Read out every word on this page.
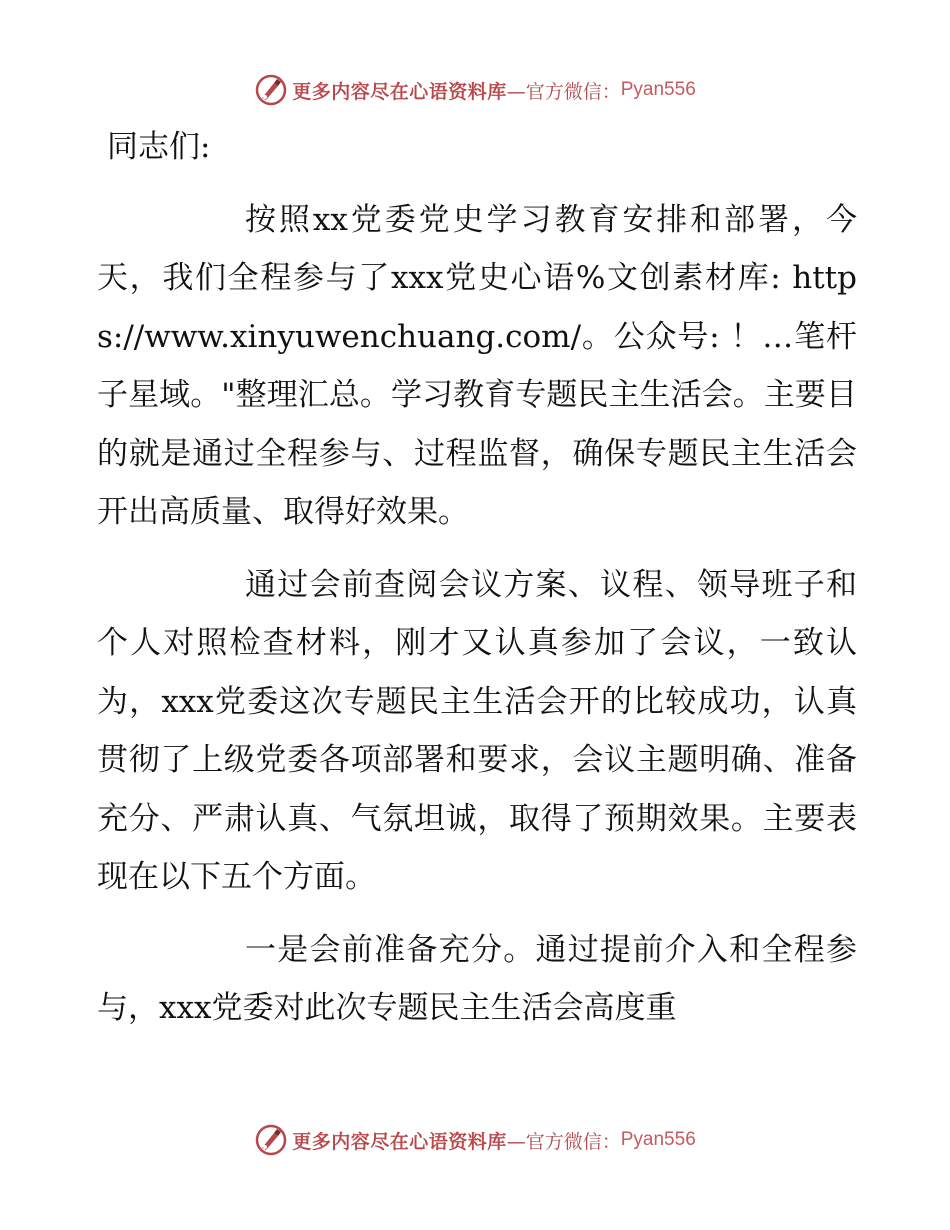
更多内容尽在心语资料库 —官方微信： Pyan556
同志们:

按照xx党委党史学习教育安排和部署，今天，我们全程参与了xxx党史心语%文创素材库: https://www.xinyuwenchuang.com/。公众号: ！…笔杆子星域。"整理汇总。学习教育专题民主生活会。主要目的就是通过全程参与、过程监督，确保专题民主生活会开出高质量、取得好效果。

通过会前查阅会议方案、议程、领导班子和个人对照检查材料，刚才又认真参加了会议，一致认为，xxx党委这次专题民主生活会开的比较成功，认真贯彻了上级党委各项部署和要求，会议主题明确、准备充分、严肃认真、气氛坦诚，取得了预期效果。主要表现在以下五个方面。

一是会前准备充分。通过提前介入和全程参与，xxx党委对此次专题民主生活会高度重

更多内容尽在心语资料库 —官方微信： Pyan556
